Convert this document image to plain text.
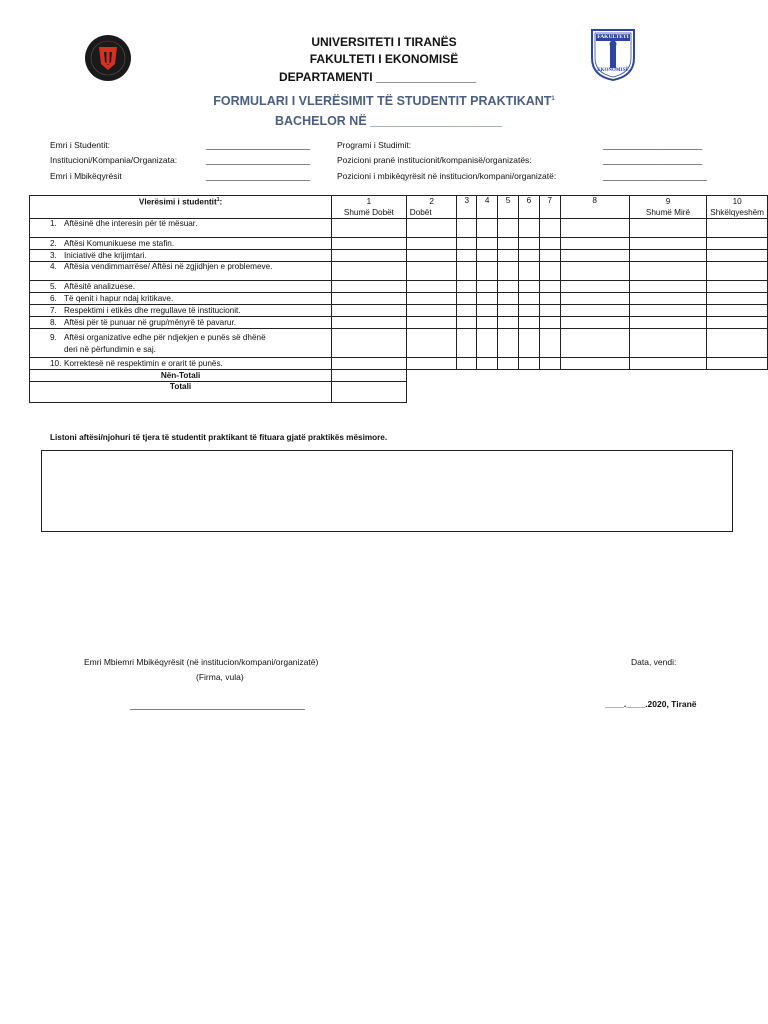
FAKULTETI
EKONOMISË
UNIVERSITETI I TIRANËS
FAKULTETI I EKONOMISË
DEPARTAMENTI _______________
FORMULARI I VLERËSIMIT TË STUDENTIT PRAKTIKANT$^1$
BACHELOR NË ___________________
Emri i Studentit:	______________________
Institucioni/Kompania/Organizata:	______________________
Emri i Mbikëqyrësit	______________________
Programi i Studimit:	_____________________
Pozicioni pranë institucionit/kompanisë/organizatës:	_____________________
Pozicioni i mbikëqyrësit në institucion/kompani/organizatë:	______________________
Vlerësimi i studentit$^1$:	1	2	3	4	5	6	7	8	9	10
	Shumë Dobët	Dobët							Shumë Mirë	Shkëlqyeshëm
1. Aftësinë dhe interesin për të mësuar.										
2. Aftësi Komunikuese me stafin.										
3. Iniciativë dhe krijimtari.										
4. Aftësia vendimmarrëse/ Aftësi në zgjidhjen e problemeve.										
5. Aftësitë analizuese.										
6. Të qenit i hapur ndaj kritikave.										
7. Respektimi i etikës dhe rregullave të institucionit.										
8. Aftësi për të punuar në grup/mënyrë të pavarur.										
9. Aftësi organizative edhe për ndjekjen e punës së dhënë
deri në përfundimin e saj.										

10. Korrektesë në respektimin e orarit të punës.										
Nën-Totali										
Totali										
Listoni aftësi/njohuri të tjera të studentit praktikant të fituara gjatë praktikës mësimore.
Emri Mbiemri Mbikëqyrësit (në institucion/kompani/organizatë)
(Firma, vula)
_____________________________________
Data, vendi:
____.____.2020, Tiranë
